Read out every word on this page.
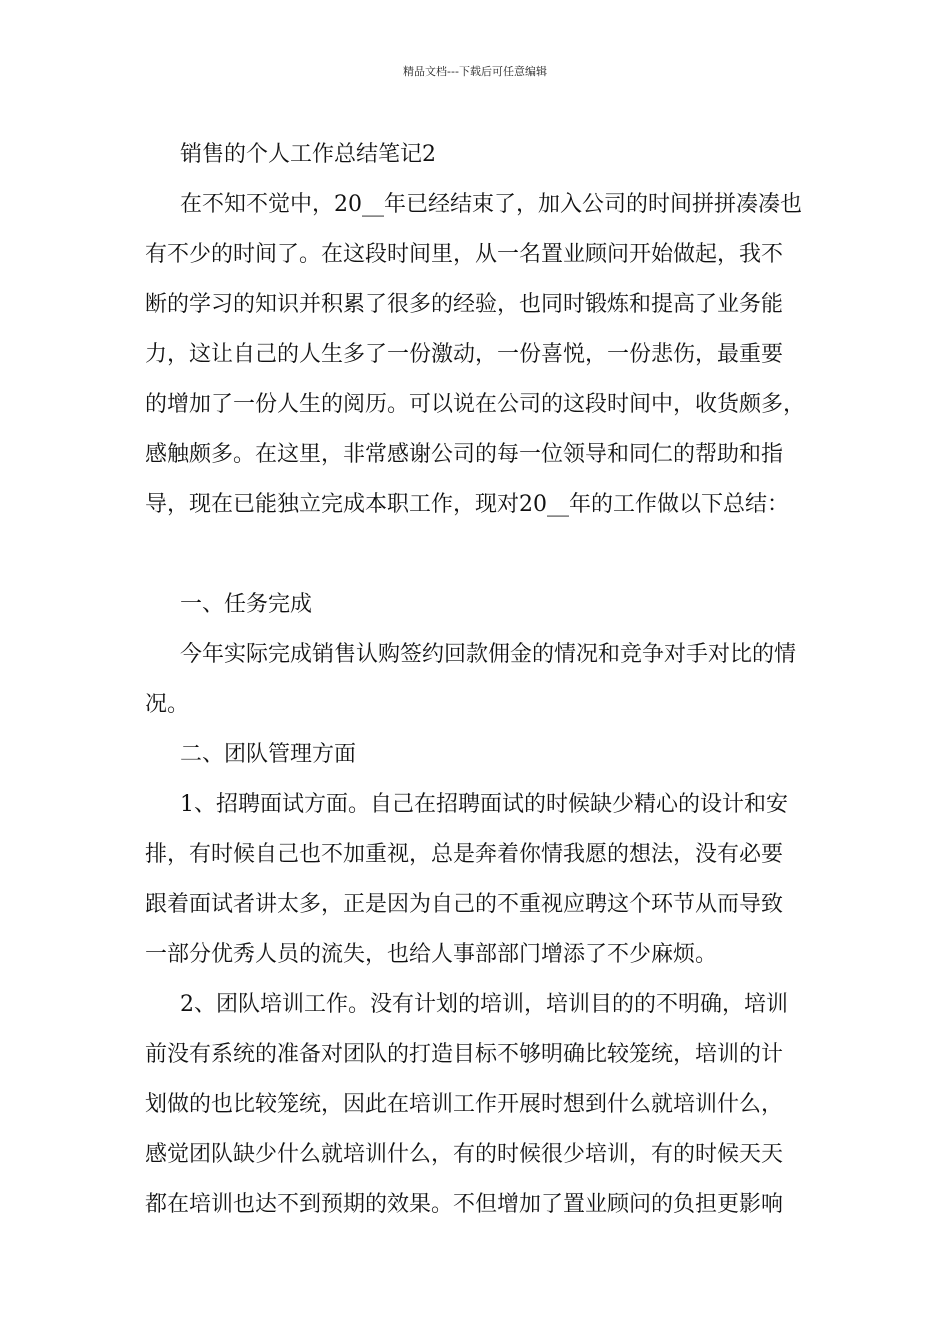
精品文档---下载后可任意编辑

销售的个人工作总结笔记2

在不知不觉中，20__年已经结束了，加入公司的时间拼拼凑凑也
有不少的时间了。在这段时间里，从一名置业顾问开始做起，我不
断的学习的知识并积累了很多的经验，也同时锻炼和提高了业务能
力，这让自己的人生多了一份激动，一份喜悦，一份悲伤，最重要
的增加了一份人生的阅历。可以说在公司的这段时间中，收货颇多，
感触颇多。在这里，非常感谢公司的每一位领导和同仁的帮助和指
导，现在已能独立完成本职工作，现对20__年的工作做以下总结：

一、任务完成

今年实际完成销售认购签约回款佣金的情况和竞争对手对比的情
况。

二、团队管理方面

1、招聘面试方面。自己在招聘面试的时候缺少精心的设计和安
排，有时候自己也不加重视，总是奔着你情我愿的想法，没有必要
跟着面试者讲太多，正是因为自己的不重视应聘这个环节从而导致
一部分优秀人员的流失，也给人事部部门增添了不少麻烦。

2、团队培训工作。没有计划的培训，培训目的的不明确，培训
前没有系统的准备对团队的打造目标不够明确比较笼统，培训的计
划做的也比较笼统，因此在培训工作开展时想到什么就培训什么，
感觉团队缺少什么就培训什么，有的时候很少培训，有的时候天天
都在培训也达不到预期的效果。不但增加了置业顾问的负担更影响
